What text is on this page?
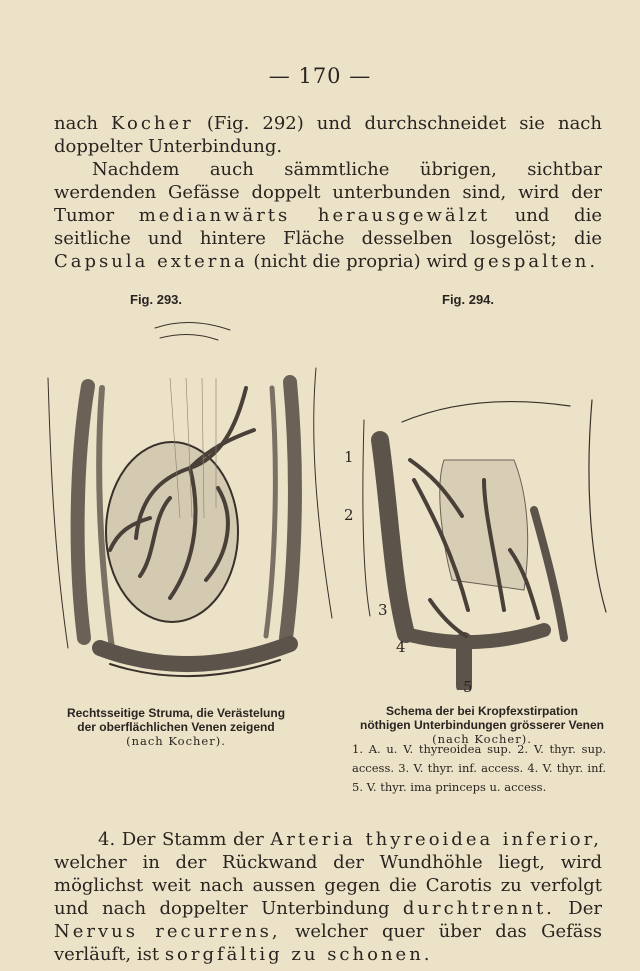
— 170 —

nach Kocher (Fig. 292) und durchschneidet sie nach doppelter Unterbindung.

Nachdem auch sämmtliche übrigen, sichtbar werdenden Gefässe doppelt unterbunden sind, wird der Tumor medianwärts herausgewälzt und die seitliche und hintere Fläche desselben losgelöst; die Capsula externa (nicht die propria) wird gespalten.

Fig. 293.	Fig. 294.
1
2
3
4
5
Rechtsseitige Struma, die Verästelung
der oberflächlichen Venen zeigend
(nach Kocher).
Schema der bei Kropfexstirpation
nöthigen Unterbindungen grösserer Venen
(nach Kocher).
1. A. u. V. thyreoidea sup. 2. V. thyr. sup. access. 3. V. thyr. inf. access. 4. V. thyr. inf. 5. V. thyr. ima princeps u. access.

4. Der Stamm der Arteria thyreoidea inferior, welcher in der Rückwand der Wundhöhle liegt, wird möglichst weit nach aussen gegen die Carotis zu verfolgt und nach doppelter Unterbindung durchtrennt. Der Nervus recurrens, welcher quer über das Gefäss verläuft, ist sorgfältig zu schonen.
